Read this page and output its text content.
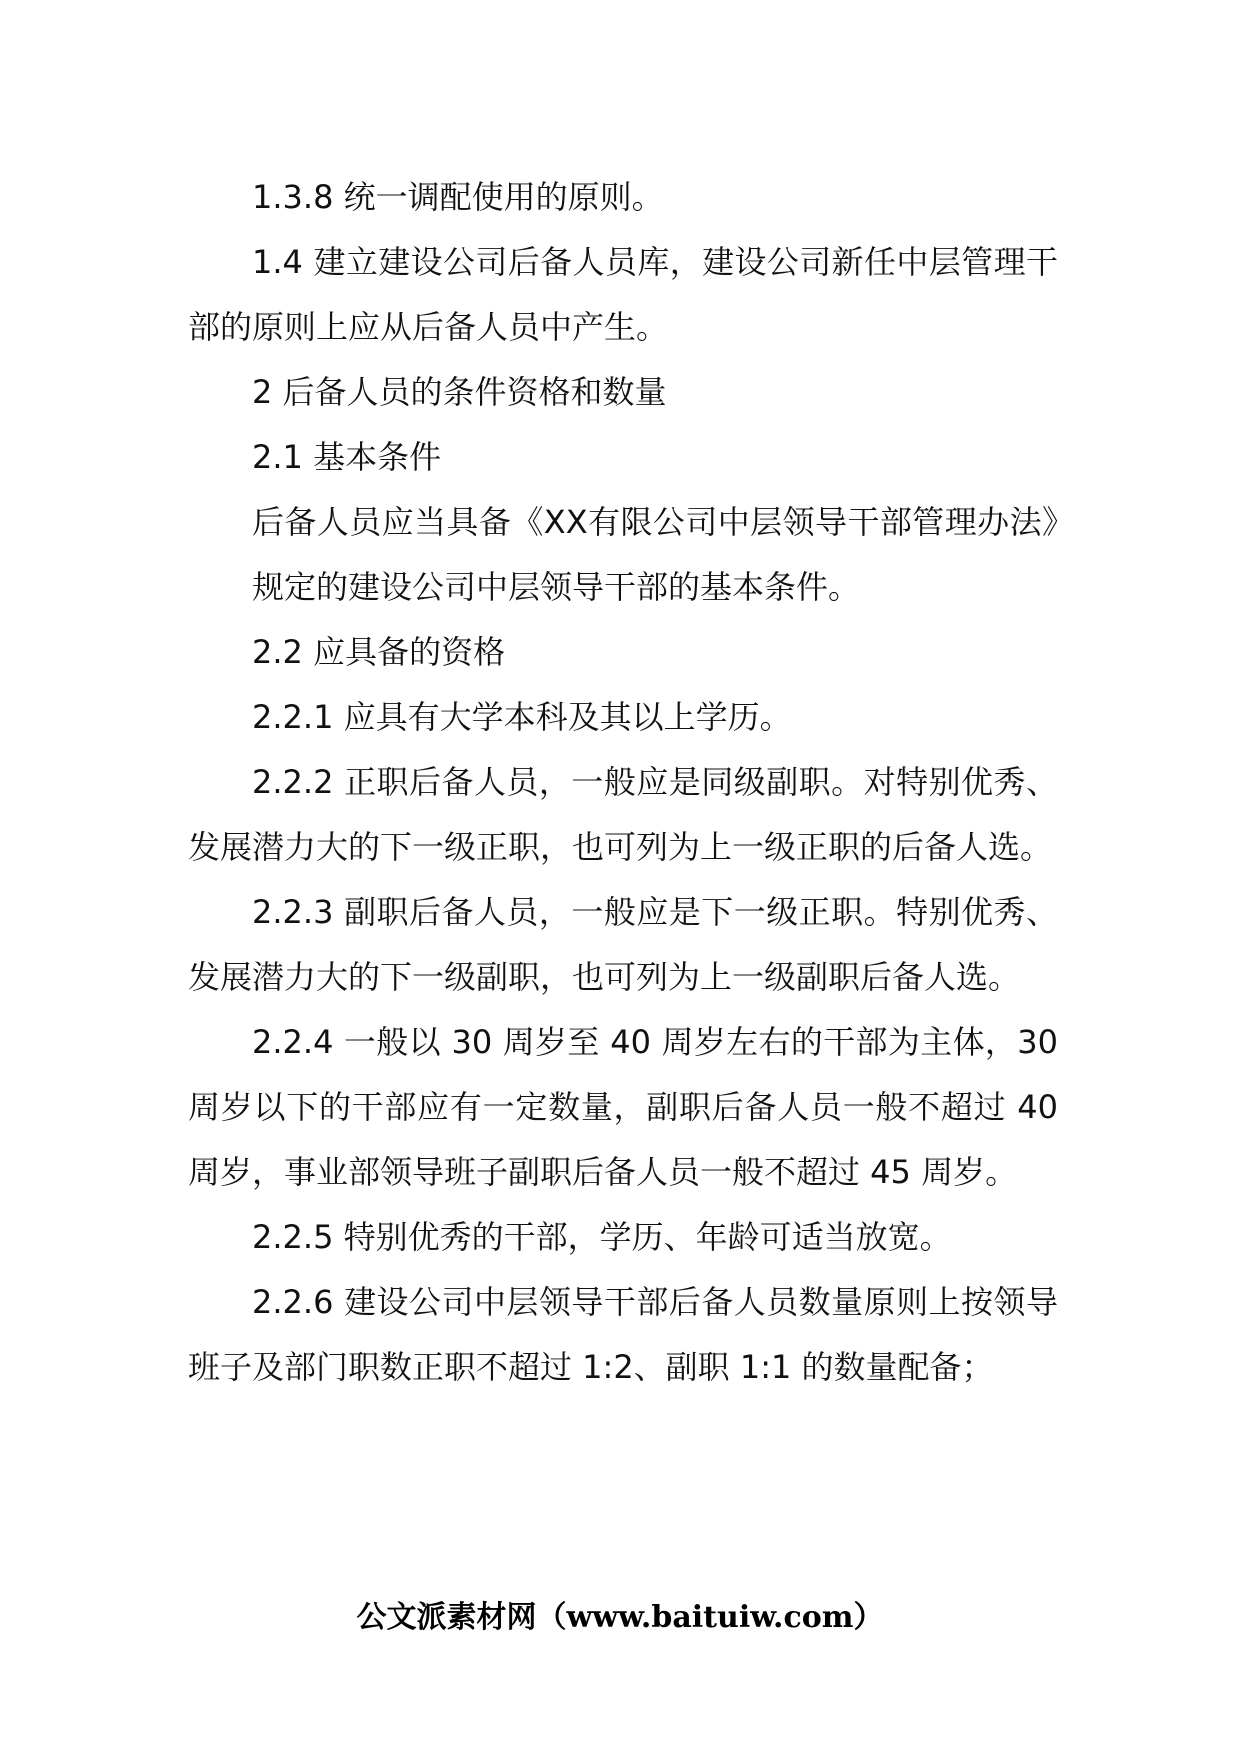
1.3.8 统一调配使用的原则。

1.4 建立建设公司后备人员库，建设公司新任中层管理干部的原则上应从后备人员中产生。

2 后备人员的条件资格和数量

2.1 基本条件

后备人员应当具备《XX有限公司中层领导干部管理办法》规定的建设公司中层领导干部的基本条件。

2.2 应具备的资格

2.2.1 应具有大学本科及其以上学历。

2.2.2 正职后备人员，一般应是同级副职。对特别优秀、发展潜力大的下一级正职，也可列为上一级正职的后备人选。

2.2.3 副职后备人员，一般应是下一级正职。特别优秀、发展潜力大的下一级副职，也可列为上一级副职后备人选。

2.2.4 一般以 30 周岁至 40 周岁左右的干部为主体，30 周岁以下的干部应有一定数量，副职后备人员一般不超过 40 周岁，事业部领导班子副职后备人员一般不超过 45 周岁。

2.2.5 特别优秀的干部，学历、年龄可适当放宽。

2.2.6 建设公司中层领导干部后备人员数量原则上按领导班子及部门职数正职不超过 1:2、副职 1:1 的数量配备；

公文派素材网（www.baituiw.com）
